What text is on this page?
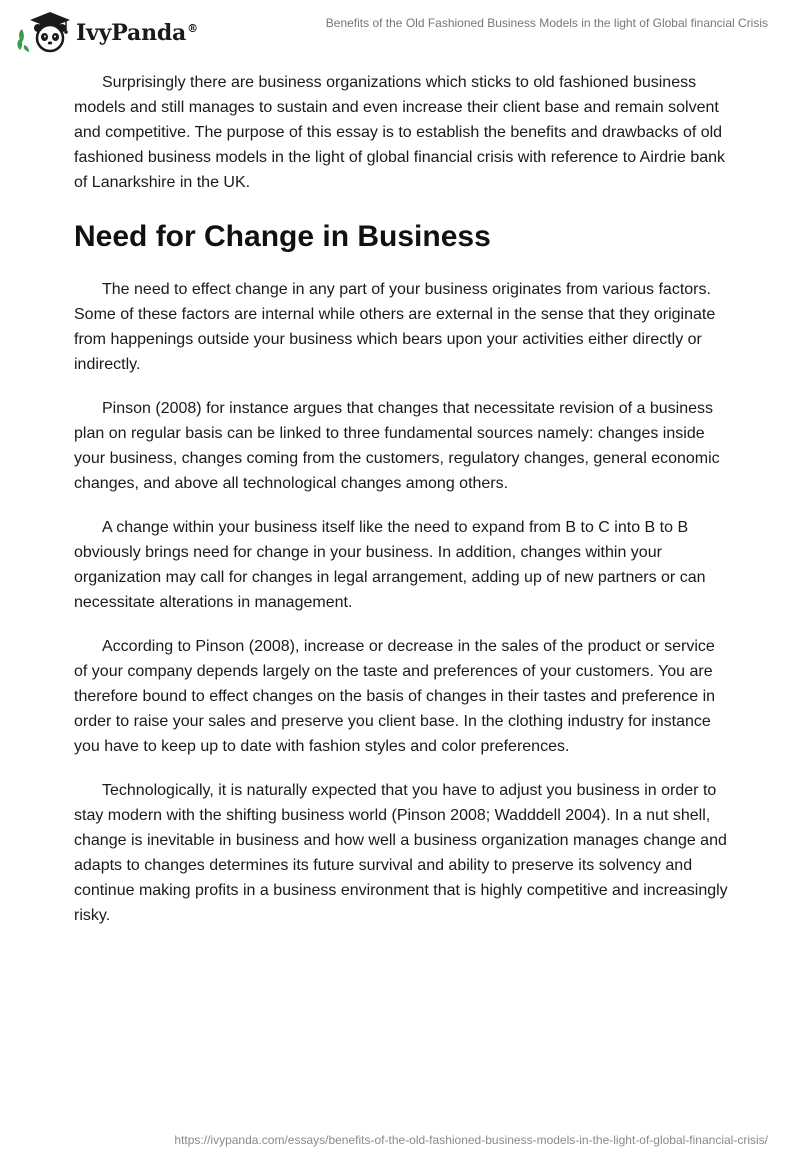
IvyPanda®	Benefits of the Old Fashioned Business Models in the light of Global financial Crisis

Surprisingly there are business organizations which sticks to old fashioned business models and still manages to sustain and even increase their client base and remain solvent and competitive. The purpose of this essay is to establish the benefits and drawbacks of old fashioned business models in the light of global financial crisis with reference to Airdrie bank of Lanarkshire in the UK.

Need for Change in Business

The need to effect change in any part of your business originates from various factors. Some of these factors are internal while others are external in the sense that they originate from happenings outside your business which bears upon your activities either directly or indirectly.

Pinson (2008) for instance argues that changes that necessitate revision of a business plan on regular basis can be linked to three fundamental sources namely: changes inside your business, changes coming from the customers, regulatory changes, general economic changes, and above all technological changes among others.

A change within your business itself like the need to expand from B to C into B to B obviously brings need for change in your business. In addition, changes within your organization may call for changes in legal arrangement, adding up of new partners or can necessitate alterations in management.

According to Pinson (2008), increase or decrease in the sales of the product or service of your company depends largely on the taste and preferences of your customers. You are therefore bound to effect changes on the basis of changes in their tastes and preference in order to raise your sales and preserve you client base. In the clothing industry for instance you have to keep up to date with fashion styles and color preferences.

Technologically, it is naturally expected that you have to adjust you business in order to stay modern with the shifting business world (Pinson 2008; Wadddell 2004). In a nut shell, change is inevitable in business and how well a business organization manages change and adapts to changes determines its future survival and ability to preserve its solvency and continue making profits in a business environment that is highly competitive and increasingly risky.

https://ivypanda.com/essays/benefits-of-the-old-fashioned-business-models-in-the-light-of-global-financial-crisis/
